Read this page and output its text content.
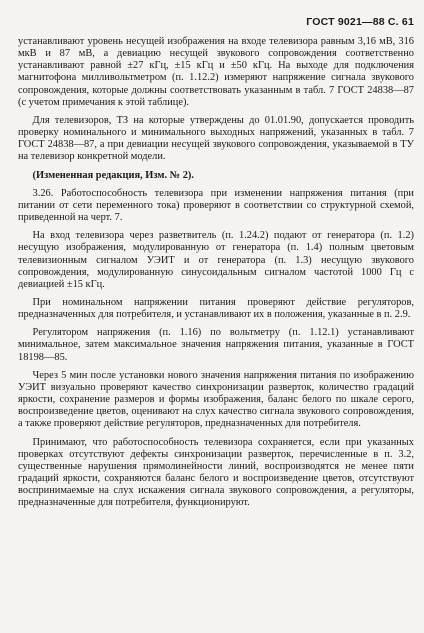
ГОСТ 9021—88 С. 61

устанавливают уровень несущей изображения на входе телевизора равным 3,16 мВ, 316 мкВ и 87 мВ, а девиацию несущей звукового сопровождения соответственно устанавливают равной ±27 кГц, ±15 кГц и ±50 кГц. На выходе для подключения магнитофона милливольтметром (п. 1.12.2) измеряют напряжение сигнала звукового сопровождения, которые должны соответствовать указанным в табл. 7 ГОСТ 24838—87 (с учетом примечания к этой таблице).

Для телевизоров, ТЗ на которые утверждены до 01.01.90, допускается проводить проверку номинального и минимального выходных напряжений, указанных в табл. 7 ГОСТ 24838—87, а при девиации несущей звукового сопровождения, указываемой в ТУ на телевизор конкретной модели.

(Измененная редакция, Изм. № 2).

3.26. Работоспособность телевизора при изменении напряжения питания (при питании от сети переменного тока) проверяют в соответствии со структурной схемой, приведенной на черт. 7.

На вход телевизора через разветвитель (п. 1.24.2) подают от генератора (п. 1.2) несущую изображения, модулированную от генератора (п. 1.4) полным цветовым телевизионным сигналом УЭИТ и от генератора (п. 1.3) несущую звукового сопровождения, модулированную синусоидальным сигналом частотой 1000 Гц с девиацией ±15 кГц.

При номинальном напряжении питания проверяют действие регуляторов, предназначенных для потребителя, и устанавливают их в положения, указанные в п. 2.9.

Регулятором напряжения (п. 1.16) по вольтметру (п. 1.12.1) устанавливают минимальное, затем максимальное значения напряжения питания, указанные в ГОСТ 18198—85.

Через 5 мин после установки нового значения напряжения питания по изображению УЭИТ визуально проверяют качество синхронизации разверток, количество градаций яркости, сохранение размеров и формы изображения, баланс белого по шкале серого, воспроизведение цветов, оценивают на слух качество сигнала звукового сопровождения, а также проверяют действие регуляторов, предназначенных для потребителя.

Принимают, что работоспособность телевизора сохраняется, если при указанных проверках отсутствуют дефекты синхронизации разверток, перечисленные в п. 3.2, существенные нарушения прямолинейности линий, воспроизводятся не менее пяти градаций яркости, сохраняются баланс белого и воспроизведение цветов, отсутствуют воспринимаемые на слух искажения сигнала звукового сопровождения, а регуляторы, предназначенные для потребителя, функционируют.
